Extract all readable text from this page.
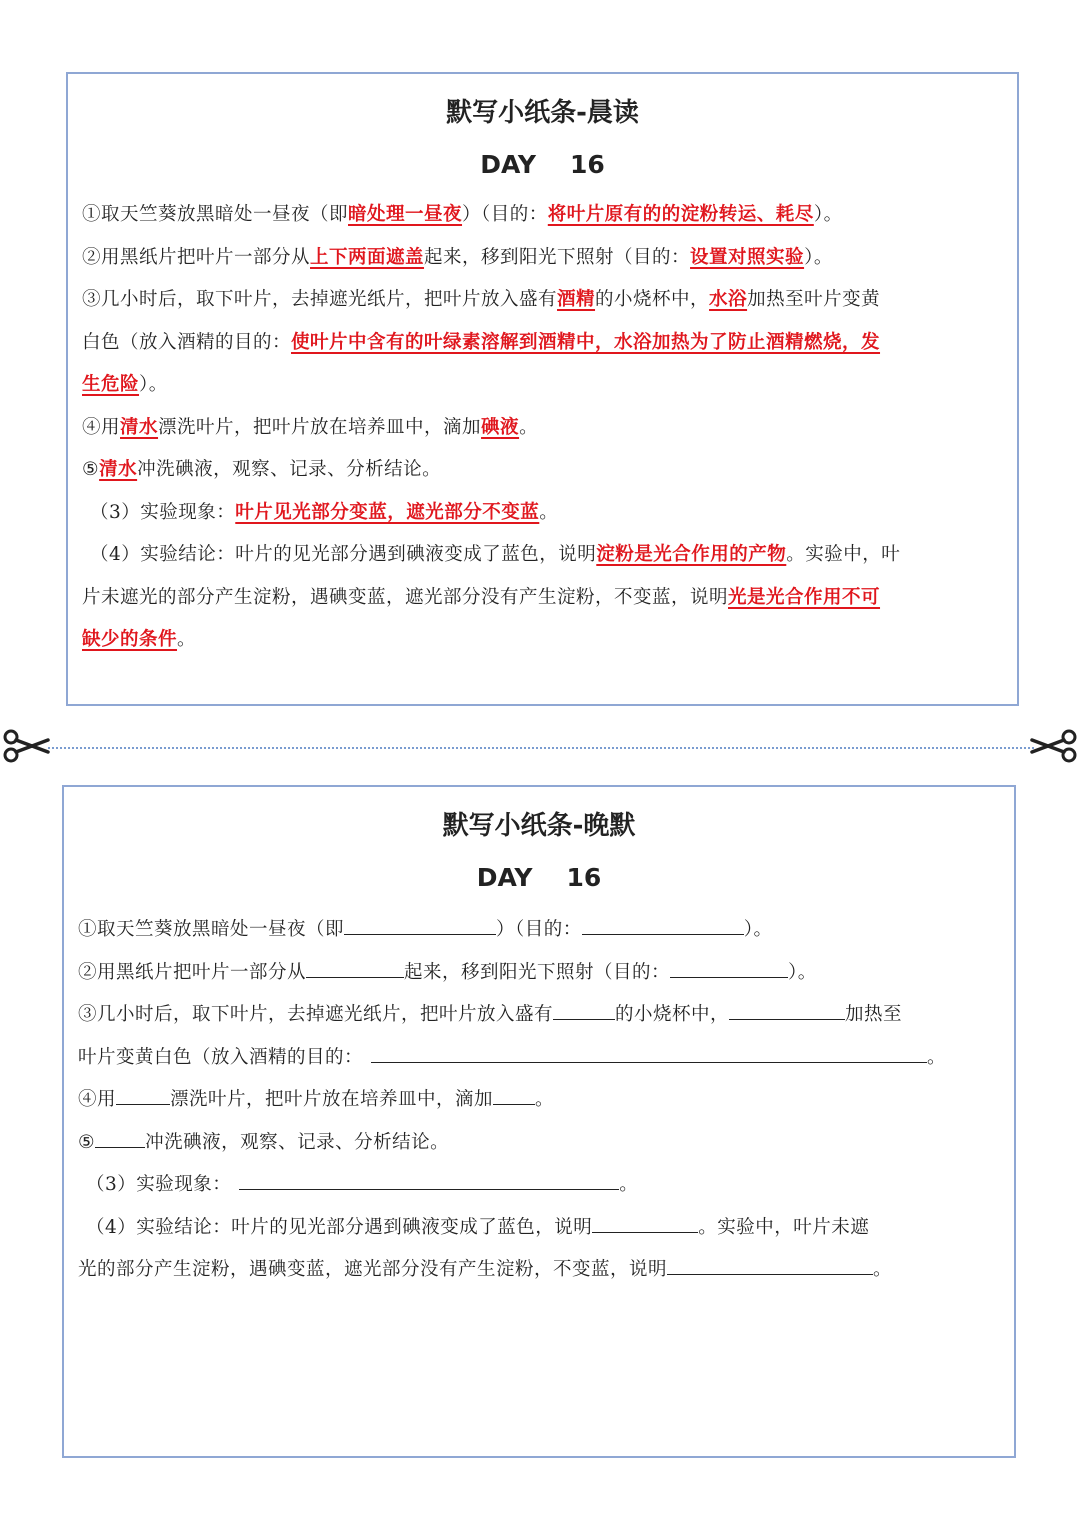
默写小纸条-晨读
DAY 16
①取天竺葵放黑暗处一昼夜（即暗处理一昼夜）（目的：将叶片原有的的淀粉转运、耗尽）。
②用黑纸片把叶片一部分从上下两面遮盖起来，移到阳光下照射（目的：设置对照实验）。
③几小时后，取下叶片，去掉遮光纸片，把叶片放入盛有酒精的小烧杯中，水浴加热至叶片变黄
白色（放入酒精的目的：使叶片中含有的叶绿素溶解到酒精中，水浴加热为了防止酒精燃烧，发
生危险）。
④用清水漂洗叶片，把叶片放在培养皿中，滴加碘液。
⑤清水冲洗碘液，观察、记录、分析结论。
（3）实验现象：叶片见光部分变蓝，遮光部分不变蓝。
（4）实验结论：叶片的见光部分遇到碘液变成了蓝色，说明淀粉是光合作用的产物。实验中，叶
片未遮光的部分产生淀粉，遇碘变蓝，遮光部分没有产生淀粉，不变蓝，说明光是光合作用不可
缺少的条件。
默写小纸条-晚默
DAY 16
①取天竺葵放黑暗处一昼夜（即	）（目的：	）。
②用黑纸片把叶片一部分从	起来，移到阳光下照射（目的：	）。
③几小时后，取下叶片，去掉遮光纸片，把叶片放入盛有	的小烧杯中，	加热至
叶片变黄白色（放入酒精的目的：	。
④用	漂洗叶片，把叶片放在培养皿中，滴加 。
⑤	冲洗碘液，观察、记录、分析结论。
（3）实验现象：	。
（4）实验结论：叶片的见光部分遇到碘液变成了蓝色，说明	。实验中，叶片未遮
光的部分产生淀粉，遇碘变蓝，遮光部分没有产生淀粉，不变蓝，说明	。
